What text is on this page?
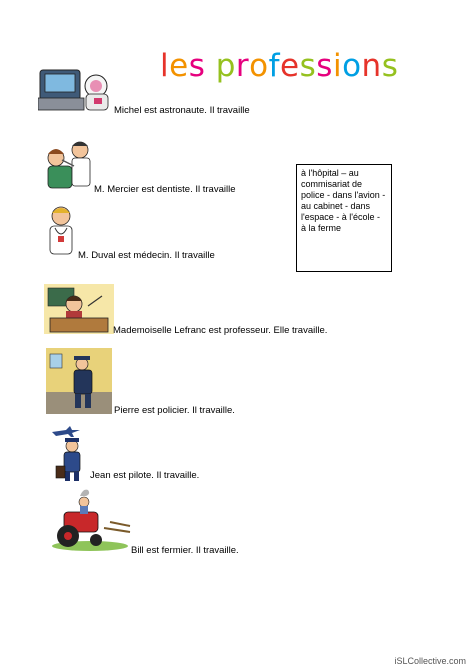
les professions
Michel est astronaute. Il travaille
M. Mercier est dentiste. Il travaille
M. Duval est médecin. Il travaille
Mademoiselle Lefranc est professeur. Elle travaille.
Pierre est policier. Il travaille.
Jean est pilote. Il travaille.
Bill est fermier. Il travaille.
à l'hôpital – au commisariat de police - dans l'avion - au cabinet - dans l'espace - à l'école - à la ferme
iSLCollective.com
